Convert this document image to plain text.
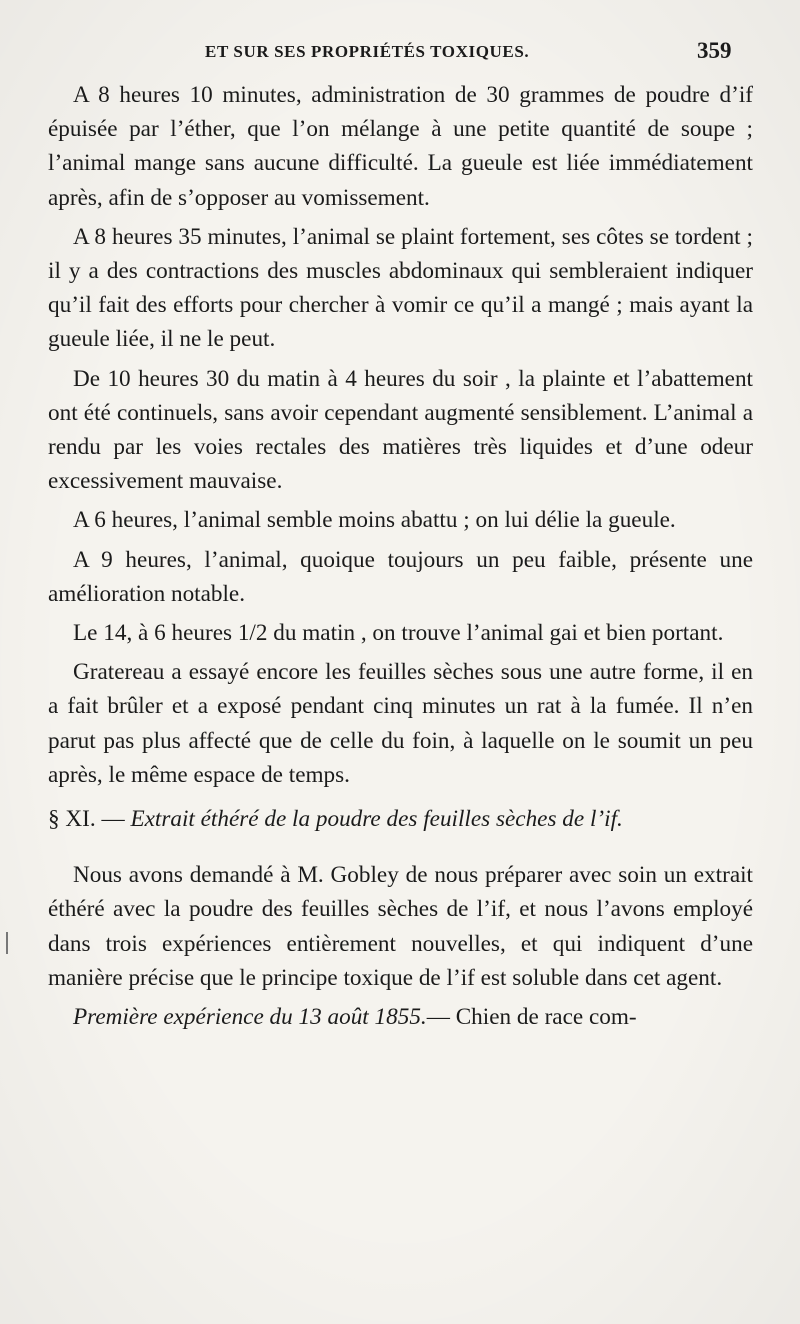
ET SUR SES PROPRIÉTÉS TOXIQUES.	359

A 8 heures 10 minutes, administration de 30 grammes de poudre d’if épuisée par l’éther, que l’on mélange à une petite quantité de soupe ; l’animal mange sans aucune difficulté. La gueule est liée immédiatement après, afin de s’opposer au vomissement.

A 8 heures 35 minutes, l’animal se plaint fortement, ses côtes se tordent ; il y a des contractions des muscles abdominaux qui sembleraient indiquer qu’il fait des efforts pour chercher à vomir ce qu’il a mangé ; mais ayant la gueule liée, il ne le peut.

De 10 heures 30 du matin à 4 heures du soir , la plainte et l’abattement ont été continuels, sans avoir cependant augmenté sensiblement. L’animal a rendu par les voies rectales des matières très liquides et d’une odeur excessivement mauvaise.

A 6 heures, l’animal semble moins abattu ; on lui délie la gueule.

A 9 heures, l’animal, quoique toujours un peu faible, présente une amélioration notable.

Le 14, à 6 heures 1/2 du matin , on trouve l’animal gai et bien portant.

Gratereau a essayé encore les feuilles sèches sous une autre forme, il en a fait brûler et a exposé pendant cinq minutes un rat à la fumée. Il n’en parut pas plus affecté que de celle du foin, à laquelle on le soumit un peu après, le même espace de temps.

§ XI. — Extrait éthéré de la poudre des feuilles sèches de l’if.

Nous avons demandé à M. Gobley de nous préparer avec soin un extrait éthéré avec la poudre des feuilles sèches de l’if, et nous l’avons employé dans trois expériences entièrement nouvelles, et qui indiquent d’une manière précise que le principe toxique de l’if est soluble dans cet agent.

Première expérience du 13 août 1855.— Chien de race com-
